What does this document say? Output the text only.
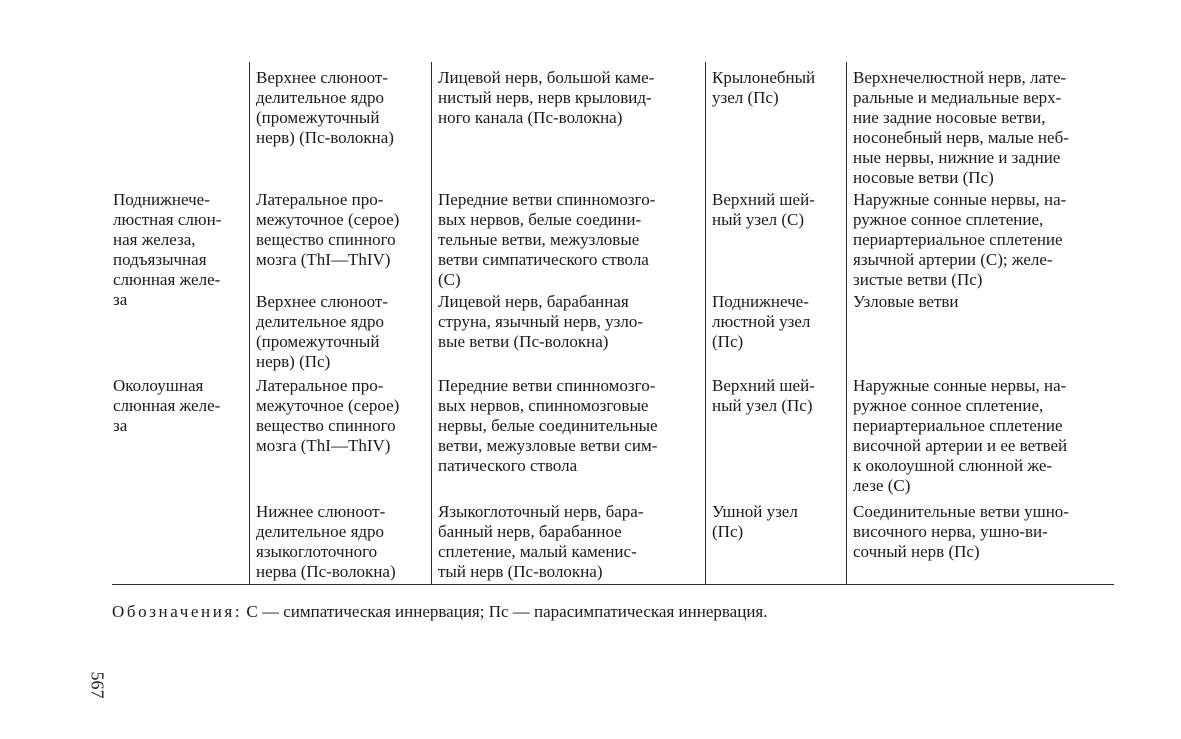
Верхнее слюноот-
делительное ядро
(промежуточный
нерв) (Пс-волокна)
Лицевой нерв, большой каме-
нистый нерв, нерв крыловид-
ного канала (Пс-волокна)
Крылонебный
узел (Пс)
Верхнечелюстной нерв, лате-
ральные и медиальные верх-
ние задние носовые ветви,
носонебный нерв, малые неб-
ные нервы, нижние и задние
носовые ветви (Пс)
Поднижнече-
люстная слюн-
ная железа,
подъязычная
слюнная желе-
за
Латеральное про-
межуточное (серое)
вещество спинного
мозга (ThI—ThIV)
Передние ветви спинномозго-
вых нервов, белые соедини-
тельные ветви, межузловые
ветви симпатического ствола
(С)
Верхний шей-
ный узел (С)
Наружные сонные нервы, на-
ружное сонное сплетение,
периартериальное сплетение
язычной артерии (С); желе-
зистые ветви (Пс)
Верхнее слюноот-
делительное ядро
(промежуточный
нерв) (Пс)
Лицевой нерв, барабанная
струна, язычный нерв, узло-
вые ветви (Пс-волокна)
Поднижнече-
люстной узел
(Пс)
Узловые ветви
Околоушная
слюнная желе-
за
Латеральное про-
межуточное (серое)
вещество спинного
мозга (ThI—ThIV)
Передние ветви спинномозго-
вых нервов, спинномозговые
нервы, белые соединительные
ветви, межузловые ветви сим-
патического ствола
Верхний шей-
ный узел (Пс)
Наружные сонные нервы, на-
ружное сонное сплетение,
периартериальное сплетение
височной артерии и ее ветвей
к околоушной слюнной же-
лезе (С)
Нижнее слюноот-
делительное ядро
языкоглоточного
нерва (Пс-волокна)
Языкоглоточный нерв, бара-
банный нерв, барабанное
сплетение, малый каменис-
тый нерв (Пс-волокна)
Ушной узел
(Пс)
Соединительные ветви ушно-
височного нерва, ушно-ви-
сочный нерв (Пс)
Обозначения: С — симпатическая иннервация; Пс — парасимпатическая иннервация.
567
